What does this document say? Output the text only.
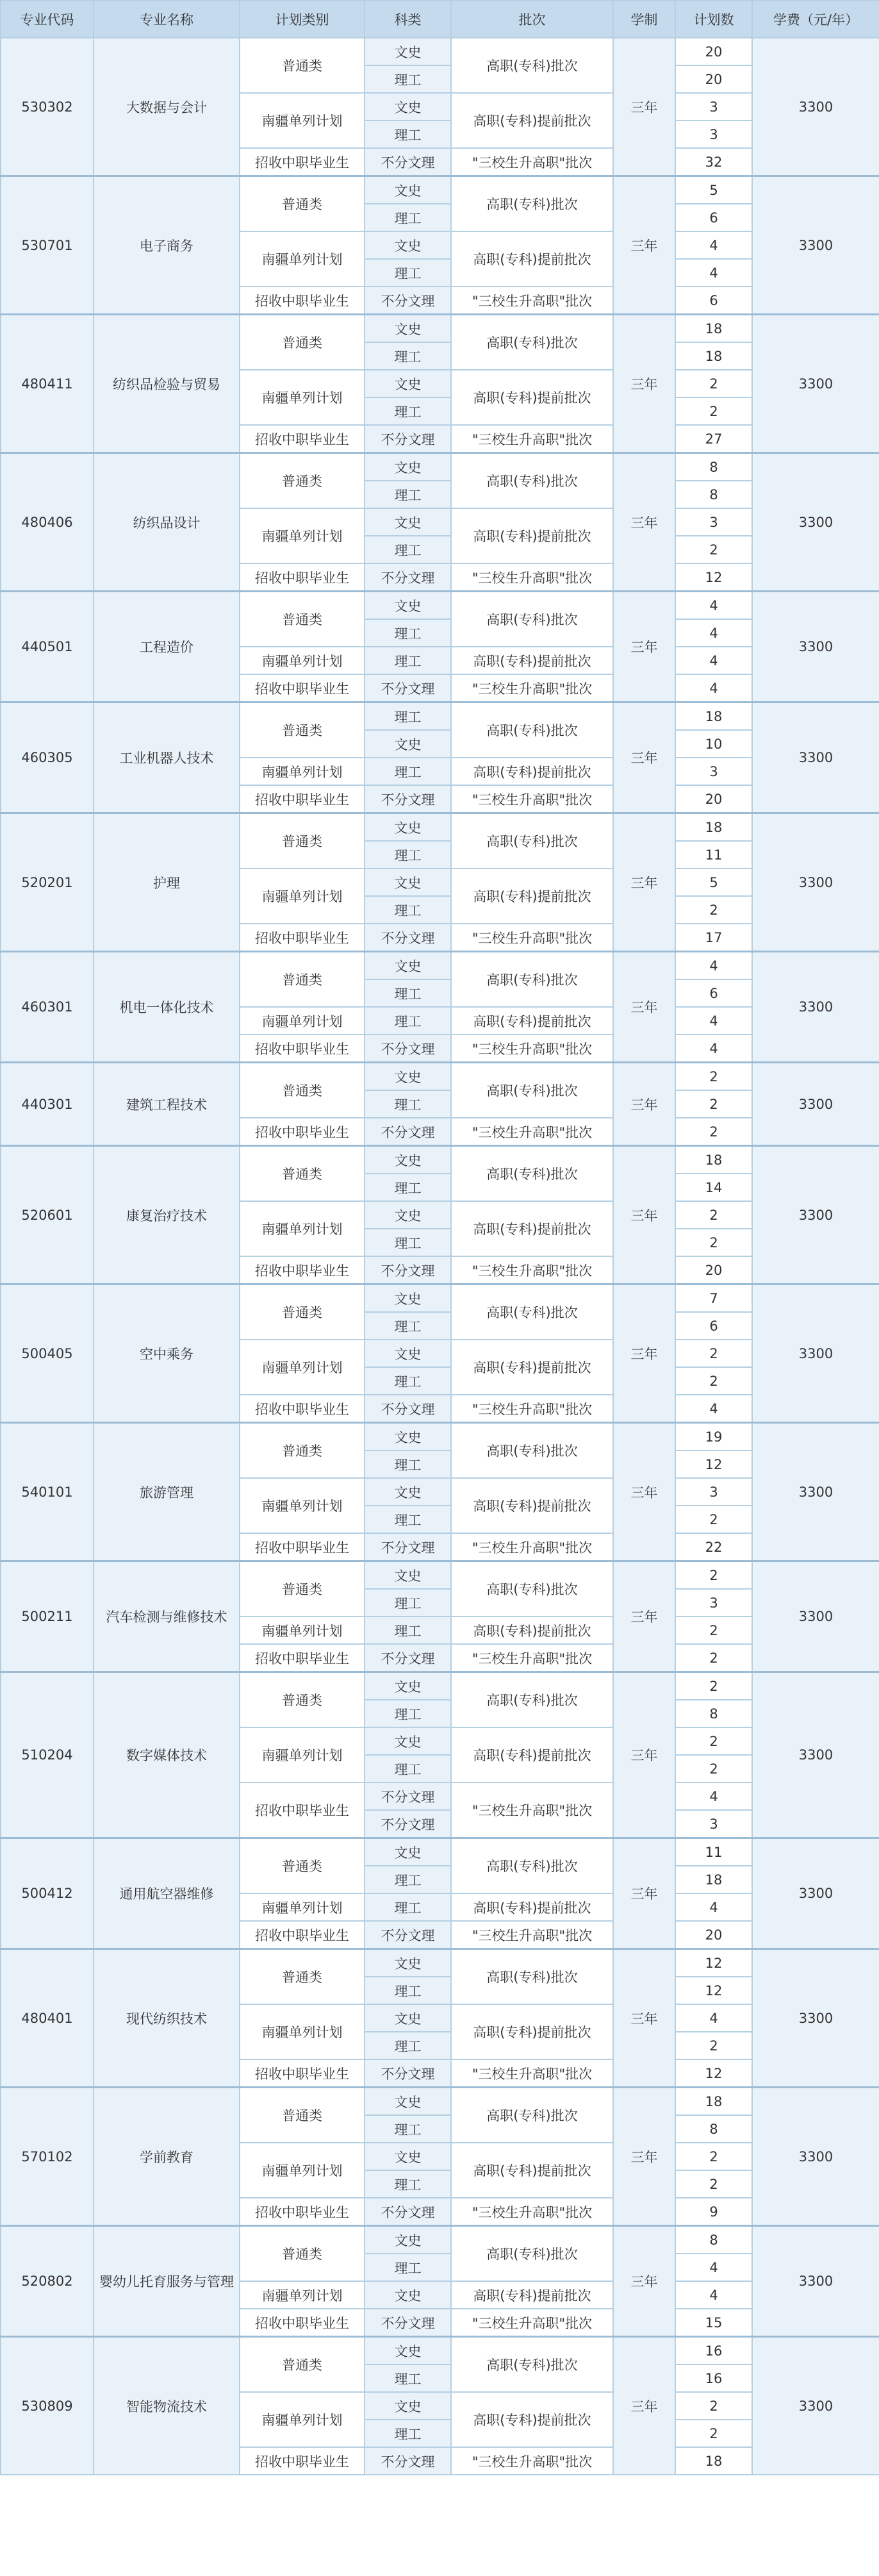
专业代码	专业名称	计划类别	科类	批次	学制	计划数	学费（元/年）
530302	大数据与会计	普通类	文史	高职(专科)批次	三年	20	3300
			理工			20	
		南疆单列计划	文史	高职(专科)提前批次		3	
			理工			3	
		招收中职毕业生	不分文理	"三校生升高职"批次		32	
530701	电子商务	普通类	文史	高职(专科)批次	三年	5	3300
			理工			6	
		南疆单列计划	文史	高职(专科)提前批次		4	
			理工			4	
		招收中职毕业生	不分文理	"三校生升高职"批次		6	
480411	纺织品检验与贸易	普通类	文史	高职(专科)批次	三年	18	3300
			理工			18	
		南疆单列计划	文史	高职(专科)提前批次		2	
			理工			2	
		招收中职毕业生	不分文理	"三校生升高职"批次		27	
480406	纺织品设计	普通类	文史	高职(专科)批次	三年	8	3300
			理工			8	
		南疆单列计划	文史	高职(专科)提前批次		3	
			理工			2	
		招收中职毕业生	不分文理	"三校生升高职"批次		12	
440501	工程造价	普通类	文史	高职(专科)批次	三年	4	3300
			理工			4	
		南疆单列计划	理工	高职(专科)提前批次		4	
		招收中职毕业生	不分文理	"三校生升高职"批次		4	
460305	工业机器人技术	普通类	理工	高职(专科)批次	三年	18	3300
			文史			10	
		南疆单列计划	理工	高职(专科)提前批次		3	
		招收中职毕业生	不分文理	"三校生升高职"批次		20	
520201	护理	普通类	文史	高职(专科)批次	三年	18	3300
			理工			11	
		南疆单列计划	文史	高职(专科)提前批次		5	
			理工			2	
		招收中职毕业生	不分文理	"三校生升高职"批次		17	
460301	机电一体化技术	普通类	文史	高职(专科)批次	三年	4	3300
			理工			6	
		南疆单列计划	理工	高职(专科)提前批次		4	
		招收中职毕业生	不分文理	"三校生升高职"批次		4	
440301	建筑工程技术	普通类	文史	高职(专科)批次	三年	2	3300
			理工			2	
		招收中职毕业生	不分文理	"三校生升高职"批次		2	
520601	康复治疗技术	普通类	文史	高职(专科)批次	三年	18	3300
			理工			14	
		南疆单列计划	文史	高职(专科)提前批次		2	
			理工			2	
		招收中职毕业生	不分文理	"三校生升高职"批次		20	
500405	空中乘务	普通类	文史	高职(专科)批次	三年	7	3300
			理工			6	
		南疆单列计划	文史	高职(专科)提前批次		2	
			理工			2	
		招收中职毕业生	不分文理	"三校生升高职"批次		4	
540101	旅游管理	普通类	文史	高职(专科)批次	三年	19	3300
			理工			12	
		南疆单列计划	文史	高职(专科)提前批次		3	
			理工			2	
		招收中职毕业生	不分文理	"三校生升高职"批次		22	
500211	汽车检测与维修技术	普通类	文史	高职(专科)批次	三年	2	3300
			理工			3	
		南疆单列计划	理工	高职(专科)提前批次		2	
		招收中职毕业生	不分文理	"三校生升高职"批次		2	
510204	数字媒体技术	普通类	文史	高职(专科)批次	三年	2	3300
			理工			8	
		南疆单列计划	文史	高职(专科)提前批次		2	
			理工			2	
		招收中职毕业生	不分文理	"三校生升高职"批次		4	
			不分文理			3	
500412	通用航空器维修	普通类	文史	高职(专科)批次	三年	11	3300
			理工			18	
		南疆单列计划	理工	高职(专科)提前批次		4	
		招收中职毕业生	不分文理	"三校生升高职"批次		20	
480401	现代纺织技术	普通类	文史	高职(专科)批次	三年	12	3300
			理工			12	
		南疆单列计划	文史	高职(专科)提前批次		4	
			理工			2	
		招收中职毕业生	不分文理	"三校生升高职"批次		12	
570102	学前教育	普通类	文史	高职(专科)批次	三年	18	3300
			理工			8	
		南疆单列计划	文史	高职(专科)提前批次		2	
			理工			2	
		招收中职毕业生	不分文理	"三校生升高职"批次		9	
520802	婴幼儿托育服务与管理	普通类	文史	高职(专科)批次	三年	8	3300
			理工			4	
		南疆单列计划	文史	高职(专科)提前批次		4	
		招收中职毕业生	不分文理	"三校生升高职"批次		15	
530809	智能物流技术	普通类	文史	高职(专科)批次	三年	16	3300
			理工			16	
		南疆单列计划	文史	高职(专科)提前批次		2	
			理工			2	
		招收中职毕业生	不分文理	"三校生升高职"批次		18	
